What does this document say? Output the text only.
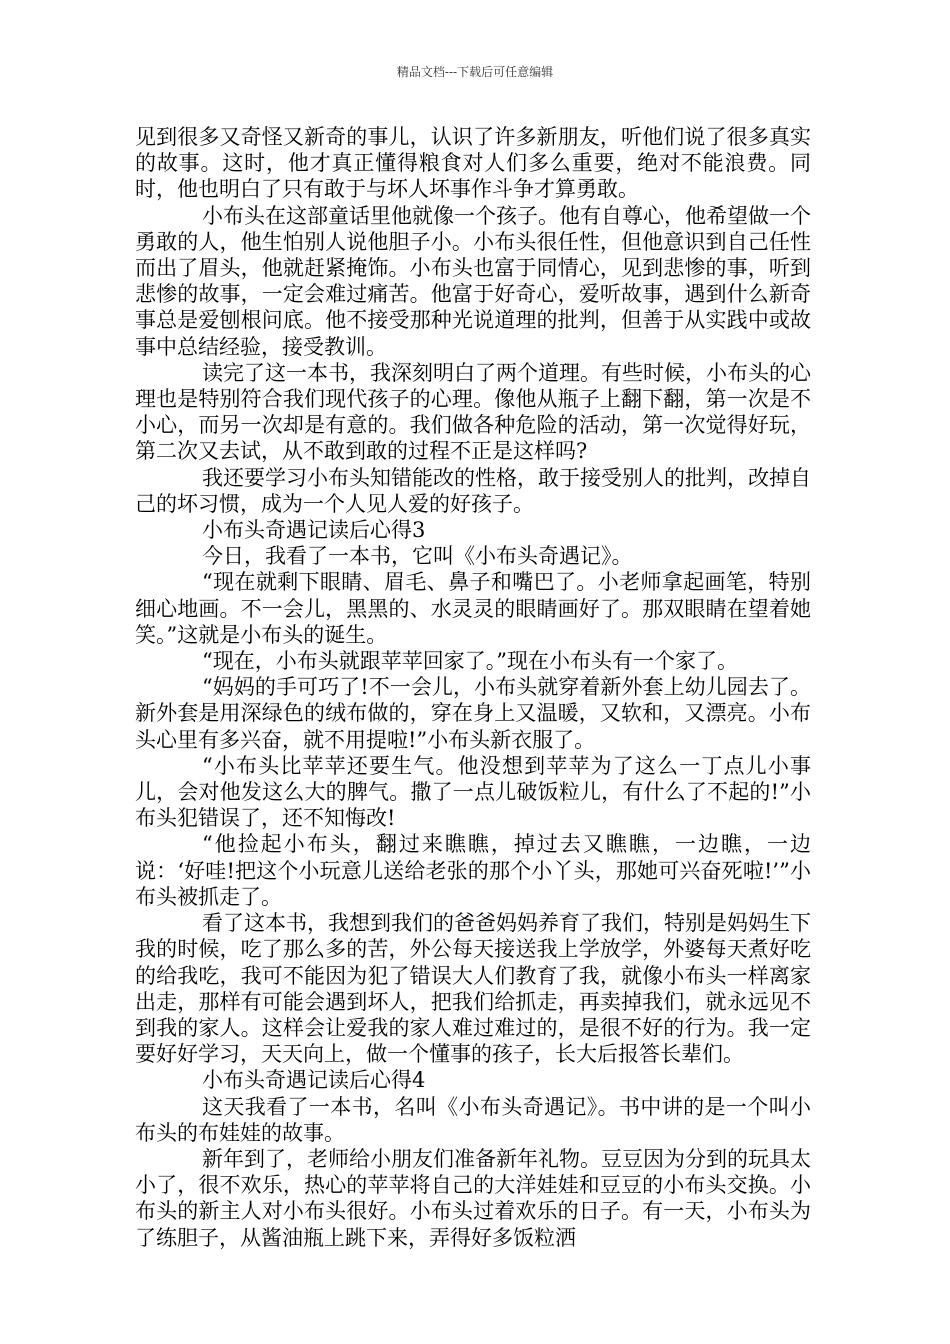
精品文档---下载后可任意编辑

见到很多又奇怪又新奇的事儿，认识了许多新朋友，听他们说了很多真实的故事。这时，他才真正懂得粮食对人们多么重要，绝对不能浪费。同时，他也明白了只有敢于与坏人坏事作斗争才算勇敢。

小布头在这部童话里他就像一个孩子。他有自尊心，他希望做一个勇敢的人，他生怕别人说他胆子小。小布头很任性，但他意识到自己任性而出了眉头，他就赶紧掩饰。小布头也富于同情心，见到悲惨的事，听到悲惨的故事，一定会难过痛苦。他富于好奇心，爱听故事，遇到什么新奇事总是爱刨根问底。他不接受那种光说道理的批判，但善于从实践中或故事中总结经验，接受教训。

读完了这一本书，我深刻明白了两个道理。有些时候，小布头的心理也是特别符合我们现代孩子的心理。像他从瓶子上翻下翻，第一次是不小心，而另一次却是有意的。我们做各种危险的活动，第一次觉得好玩，第二次又去试，从不敢到敢的过程不正是这样吗?

我还要学习小布头知错能改的性格，敢于接受别人的批判，改掉自己的坏习惯，成为一个人见人爱的好孩子。

小布头奇遇记读后心得3

今日，我看了一本书，它叫《小布头奇遇记》。

“现在就剩下眼睛、眉毛、鼻子和嘴巴了。小老师拿起画笔，特别细心地画。不一会儿，黑黑的、水灵灵的眼睛画好了。那双眼睛在望着她笑。”这就是小布头的诞生。

“现在，小布头就跟苹苹回家了。”现在小布头有一个家了。

“妈妈的手可巧了!不一会儿，小布头就穿着新外套上幼儿园去了。新外套是用深绿色的绒布做的，穿在身上又温暖，又软和，又漂亮。小布头心里有多兴奋，就不用提啦!”小布头新衣服了。

“小布头比苹苹还要生气。他没想到苹苹为了这么一丁点儿小事儿，会对他发这么大的脾气。撒了一点儿破饭粒儿，有什么了不起的!”小布头犯错误了，还不知悔改!

“他捡起小布头，翻过来瞧瞧，掉过去又瞧瞧，一边瞧，一边说：‘好哇!把这个小玩意儿送给老张的那个小丫头，那她可兴奋死啦!’”小布头被抓走了。

看了这本书，我想到我们的爸爸妈妈养育了我们，特别是妈妈生下我的时候，吃了那么多的苦，外公每天接送我上学放学，外婆每天煮好吃的给我吃，我可不能因为犯了错误大人们教育了我，就像小布头一样离家出走，那样有可能会遇到坏人，把我们给抓走，再卖掉我们，就永远见不到我的家人。这样会让爱我的家人难过难过的，是很不好的行为。我一定要好好学习，天天向上，做一个懂事的孩子，长大后报答长辈们。

小布头奇遇记读后心得4

这天我看了一本书，名叫《小布头奇遇记》。书中讲的是一个叫小布头的布娃娃的故事。

新年到了，老师给小朋友们准备新年礼物。豆豆因为分到的玩具太小了，很不欢乐，热心的苹苹将自己的大洋娃娃和豆豆的小布头交换。小布头的新主人对小布头很好。小布头过着欢乐的日子。有一天，小布头为了练胆子，从酱油瓶上跳下来，弄得好多饭粒洒
